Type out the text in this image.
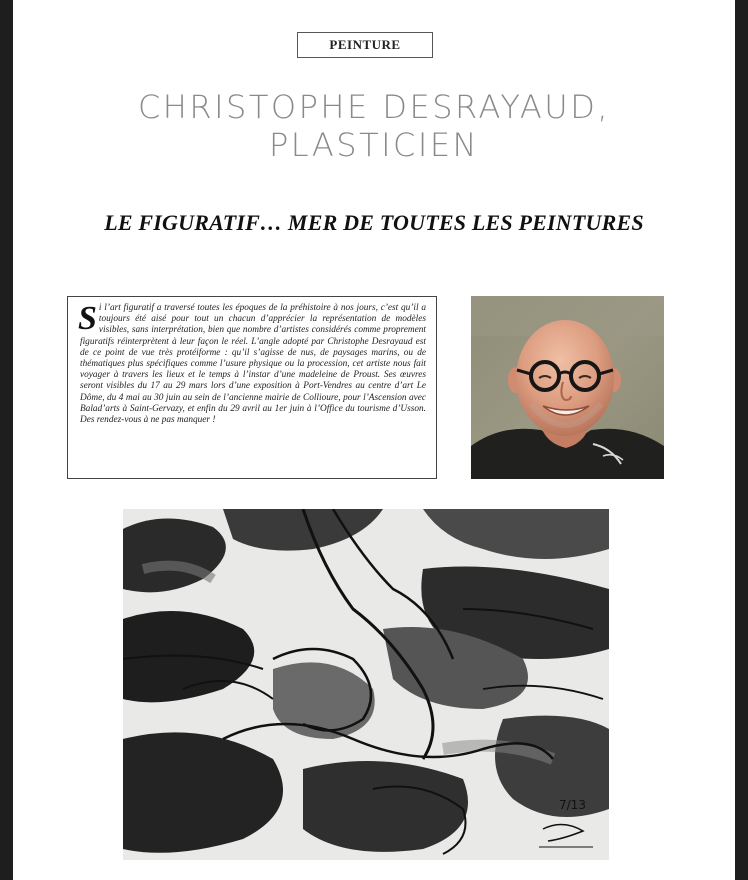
PEINTURE
CHRISTOPHE DESRAYAUD,
PLASTICIEN
LE FIGURATIF… MER DE TOUTES LES PEINTURES
Si l’art figuratif a traversé toutes les époques de la préhistoire à nos jours, c’est qu’il a toujours été aisé pour tout un chacun d’apprécier la représentation de modèles visibles, sans interprétation, bien que nombre d’artistes considérés comme proprement figuratifs réinterprètent à leur façon le réel. L’angle adopté par Christophe Desrayaud est de ce point de vue très protéiforme : qu’il s’agisse de nus, de paysages marins, ou de thématiques plus spécifiques comme l’usure physique ou la procession, cet artiste nous fait voyager à travers les lieux et le temps à l’instar d’une madeleine de Proust. Ses œuvres seront visibles du 17 au 29 mars lors d’une exposition à Port-Vendres au centre d’art Le Dôme, du 4 mai au 30 juin au sein de l’ancienne mairie de Collioure, pour l’Ascension avec Balad’arts à Saint-Gervazy, et enfin du 29 avril au 1er juin à l’Office du tourisme d’Usson. Des rendez-vous à ne pas manquer !
7/13
